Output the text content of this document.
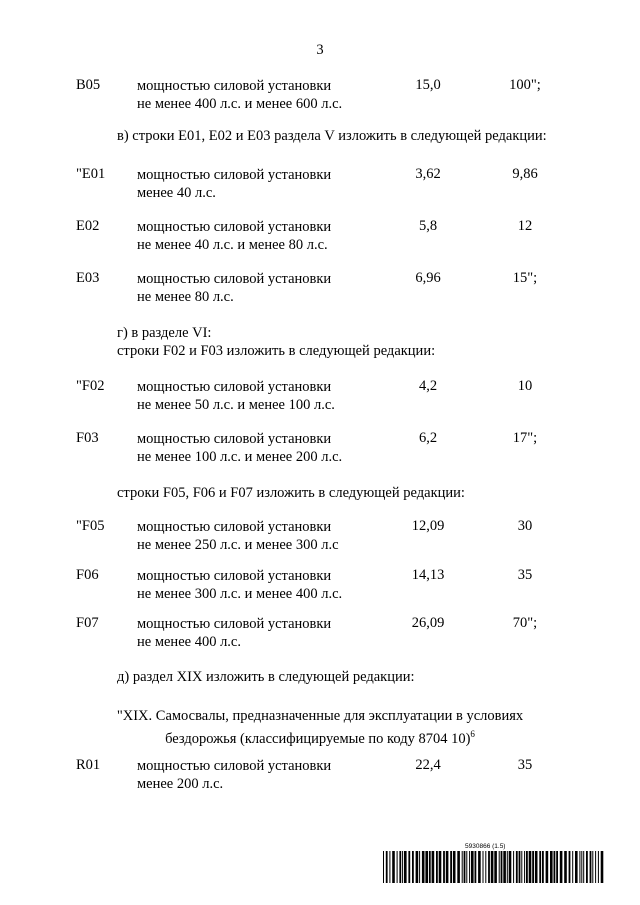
3
B05	мощностью силовой установки
не менее 400 л.с. и менее 600 л.с.
15,0	100";
в) строки E01, E02 и E03 раздела V изложить в следующей редакции:
"E01 мощностью силовой установки
менее 40 л.с.
3,62	9,86
E02	мощностью силовой установки
не менее 40 л.с. и менее 80 л.с.
5,8	12
E03	мощностью силовой установки
не менее 80 л.с.
6,96	15";
г) в разделе VI:
строки F02 и F03 изложить в следующей редакции:
"F02 мощностью силовой установки
не менее 50 л.с. и менее 100 л.с.
4,2	10
F03	мощностью силовой установки
не менее 100 л.с. и менее 200 л.с.
6,2	17";
строки F05, F06 и F07 изложить в следующей редакции:
"F05 мощностью силовой установки
не менее 250 л.с. и менее 300 л.с
12,09	30
F06	мощностью силовой установки
не менее 300 л.с. и менее 400 л.с.
14,13	35
F07	мощностью силовой установки
не менее 400 л.с.
26,09	70";
д) раздел XIX изложить в следующей редакции:
"XIX. Самосвалы, предназначенные для эксплуатации в условиях
бездорожья (классифицируемые по коду 8704 10)$^6$
R01	мощностью силовой установки
менее 200 л.с.
22,4	35
5930866 (1.5)
